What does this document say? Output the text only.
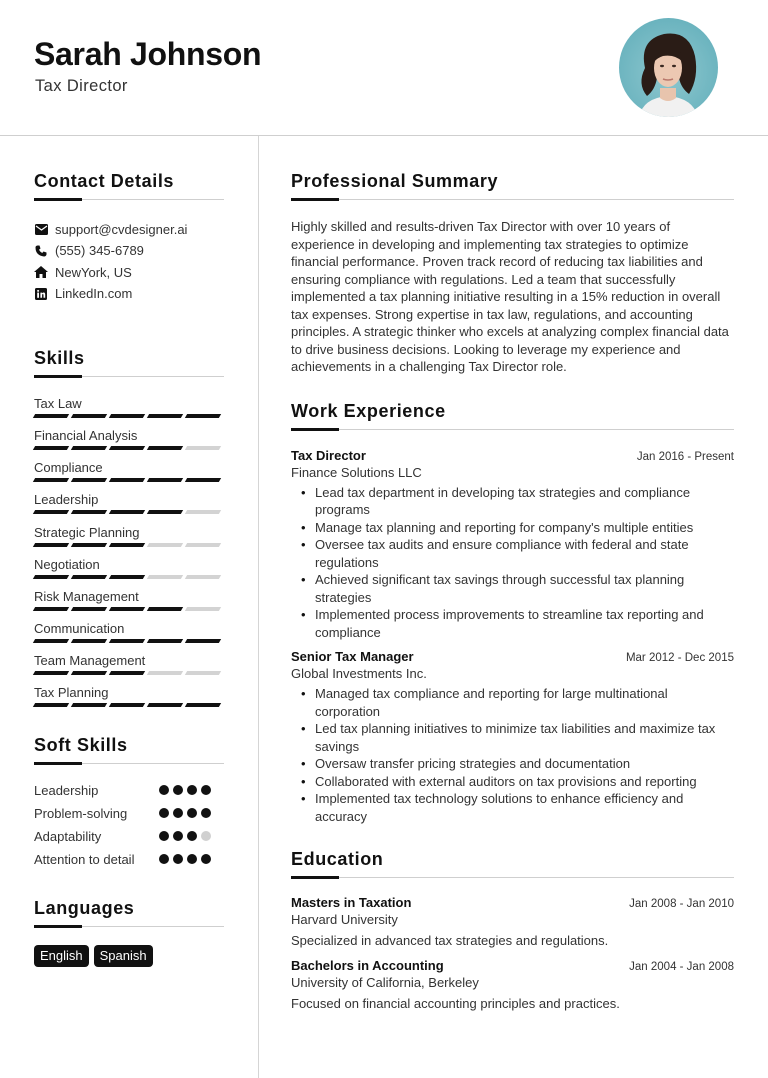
Sarah Johnson
Tax Director
Contact Details
support@cvdesigner.ai
(555) 345-6789
NewYork, US
LinkedIn.com
Skills
Tax Law
Financial Analysis
Compliance
Leadership
Strategic Planning
Negotiation
Risk Management
Communication
Team Management
Tax Planning
Soft Skills
Leadership
Problem-solving
Adaptability
Attention to detail
Languages
English	Spanish
Professional Summary

Highly skilled and results-driven Tax Director with over 10 years of experience in developing and implementing tax strategies to optimize financial performance. Proven track record of reducing tax liabilities and ensuring compliance with regulations. Led a team that successfully implemented a tax planning initiative resulting in a 15% reduction in overall tax expenses. Strong expertise in tax law, regulations, and accounting principles. A strategic thinker who excels at analyzing complex financial data to drive business decisions. Looking to leverage my experience and achievements in a challenging Tax Director role.

Work Experience
Tax Director	Jan 2016 - Present
Finance Solutions LLC
• Lead tax department in developing tax strategies and compliance programs
• Manage tax planning and reporting for company's multiple entities
• Oversee tax audits and ensure compliance with federal and state regulations
• Achieved significant tax savings through successful tax planning strategies
• Implemented process improvements to streamline tax reporting and compliance
Senior Tax Manager	Mar 2012 - Dec 2015
Global Investments Inc.
• Managed tax compliance and reporting for large multinational corporation
• Led tax planning initiatives to minimize tax liabilities and maximize tax savings
• Oversaw transfer pricing strategies and documentation
• Collaborated with external auditors on tax provisions and reporting
• Implemented tax technology solutions to enhance efficiency and accuracy
Education
Masters in Taxation	Jan 2008 - Jan 2010
Harvard University
Specialized in advanced tax strategies and regulations.
Bachelors in Accounting	Jan 2004 - Jan 2008
University of California, Berkeley
Focused on financial accounting principles and practices.
